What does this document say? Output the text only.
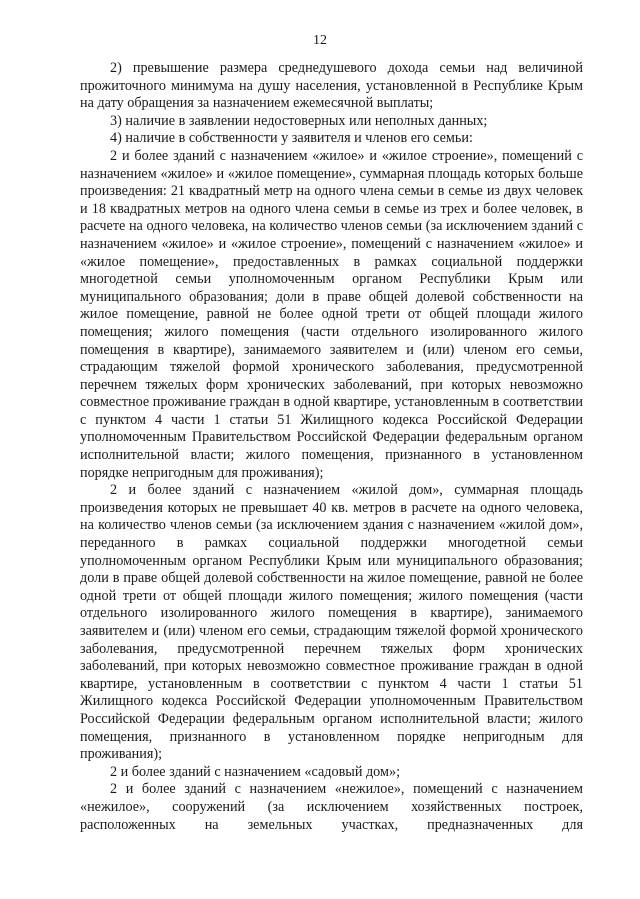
12

2) превышение размера среднедушевого дохода семьи над величиной прожиточного минимума на душу населения, установленной в Республике Крым на дату обращения за назначением ежемесячной выплаты;

3) наличие в заявлении недостоверных или неполных данных;

4) наличие в собственности у заявителя и членов его семьи:

2 и более зданий с назначением «жилое» и «жилое строение», помещений с назначением «жилое» и «жилое помещение», суммарная площадь которых больше произведения: 21 квадратный метр на одного члена семьи в семье из двух человек и 18 квадратных метров на одного члена семьи в семье из трех и более человек, в расчете на одного человека, на количество членов семьи (за исключением зданий с назначением «жилое» и «жилое строение», помещений с назначением «жилое» и «жилое помещение», предоставленных в рамках социальной поддержки многодетной семьи уполномоченным органом Республики Крым или муниципального образования; доли в праве общей долевой собственности на жилое помещение, равной не более одной трети от общей площади жилого помещения; жилого помещения (части отдельного изолированного жилого помещения в квартире), занимаемого заявителем и (или) членом его семьи, страдающим тяжелой формой хронического заболевания, предусмотренной перечнем тяжелых форм хронических заболеваний, при которых невозможно совместное проживание граждан в одной квартире, установленным в соответствии с пунктом 4 части 1 статьи 51 Жилищного кодекса Российской Федерации уполномоченным Правительством Российской Федерации федеральным органом исполнительной власти; жилого помещения, признанного в установленном порядке непригодным для проживания);

2 и более зданий с назначением «жилой дом», суммарная площадь произведения которых не превышает 40 кв. метров в расчете на одного человека, на количество членов семьи (за исключением здания с назначением «жилой дом», переданного в рамках социальной поддержки многодетной семьи уполномоченным органом Республики Крым или муниципального образования; доли в праве общей долевой собственности на жилое помещение, равной не более одной трети от общей площади жилого помещения; жилого помещения (части отдельного изолированного жилого помещения в квартире), занимаемого заявителем и (или) членом его семьи, страдающим тяжелой формой хронического заболевания, предусмотренной перечнем тяжелых форм хронических заболеваний, при которых невозможно совместное проживание граждан в одной квартире, установленным в соответствии с пунктом 4 части 1 статьи 51 Жилищного кодекса Российской Федерации уполномоченным Правительством Российской Федерации федеральным органом исполнительной власти; жилого помещения, признанного в установленном порядке непригодным для проживания);

2 и более зданий с назначением «садовый дом»;

2 и более зданий с назначением «нежилое», помещений с назначением «нежилое», сооружений (за исключением хозяйственных построек, расположенных на земельных участках, предназначенных для
